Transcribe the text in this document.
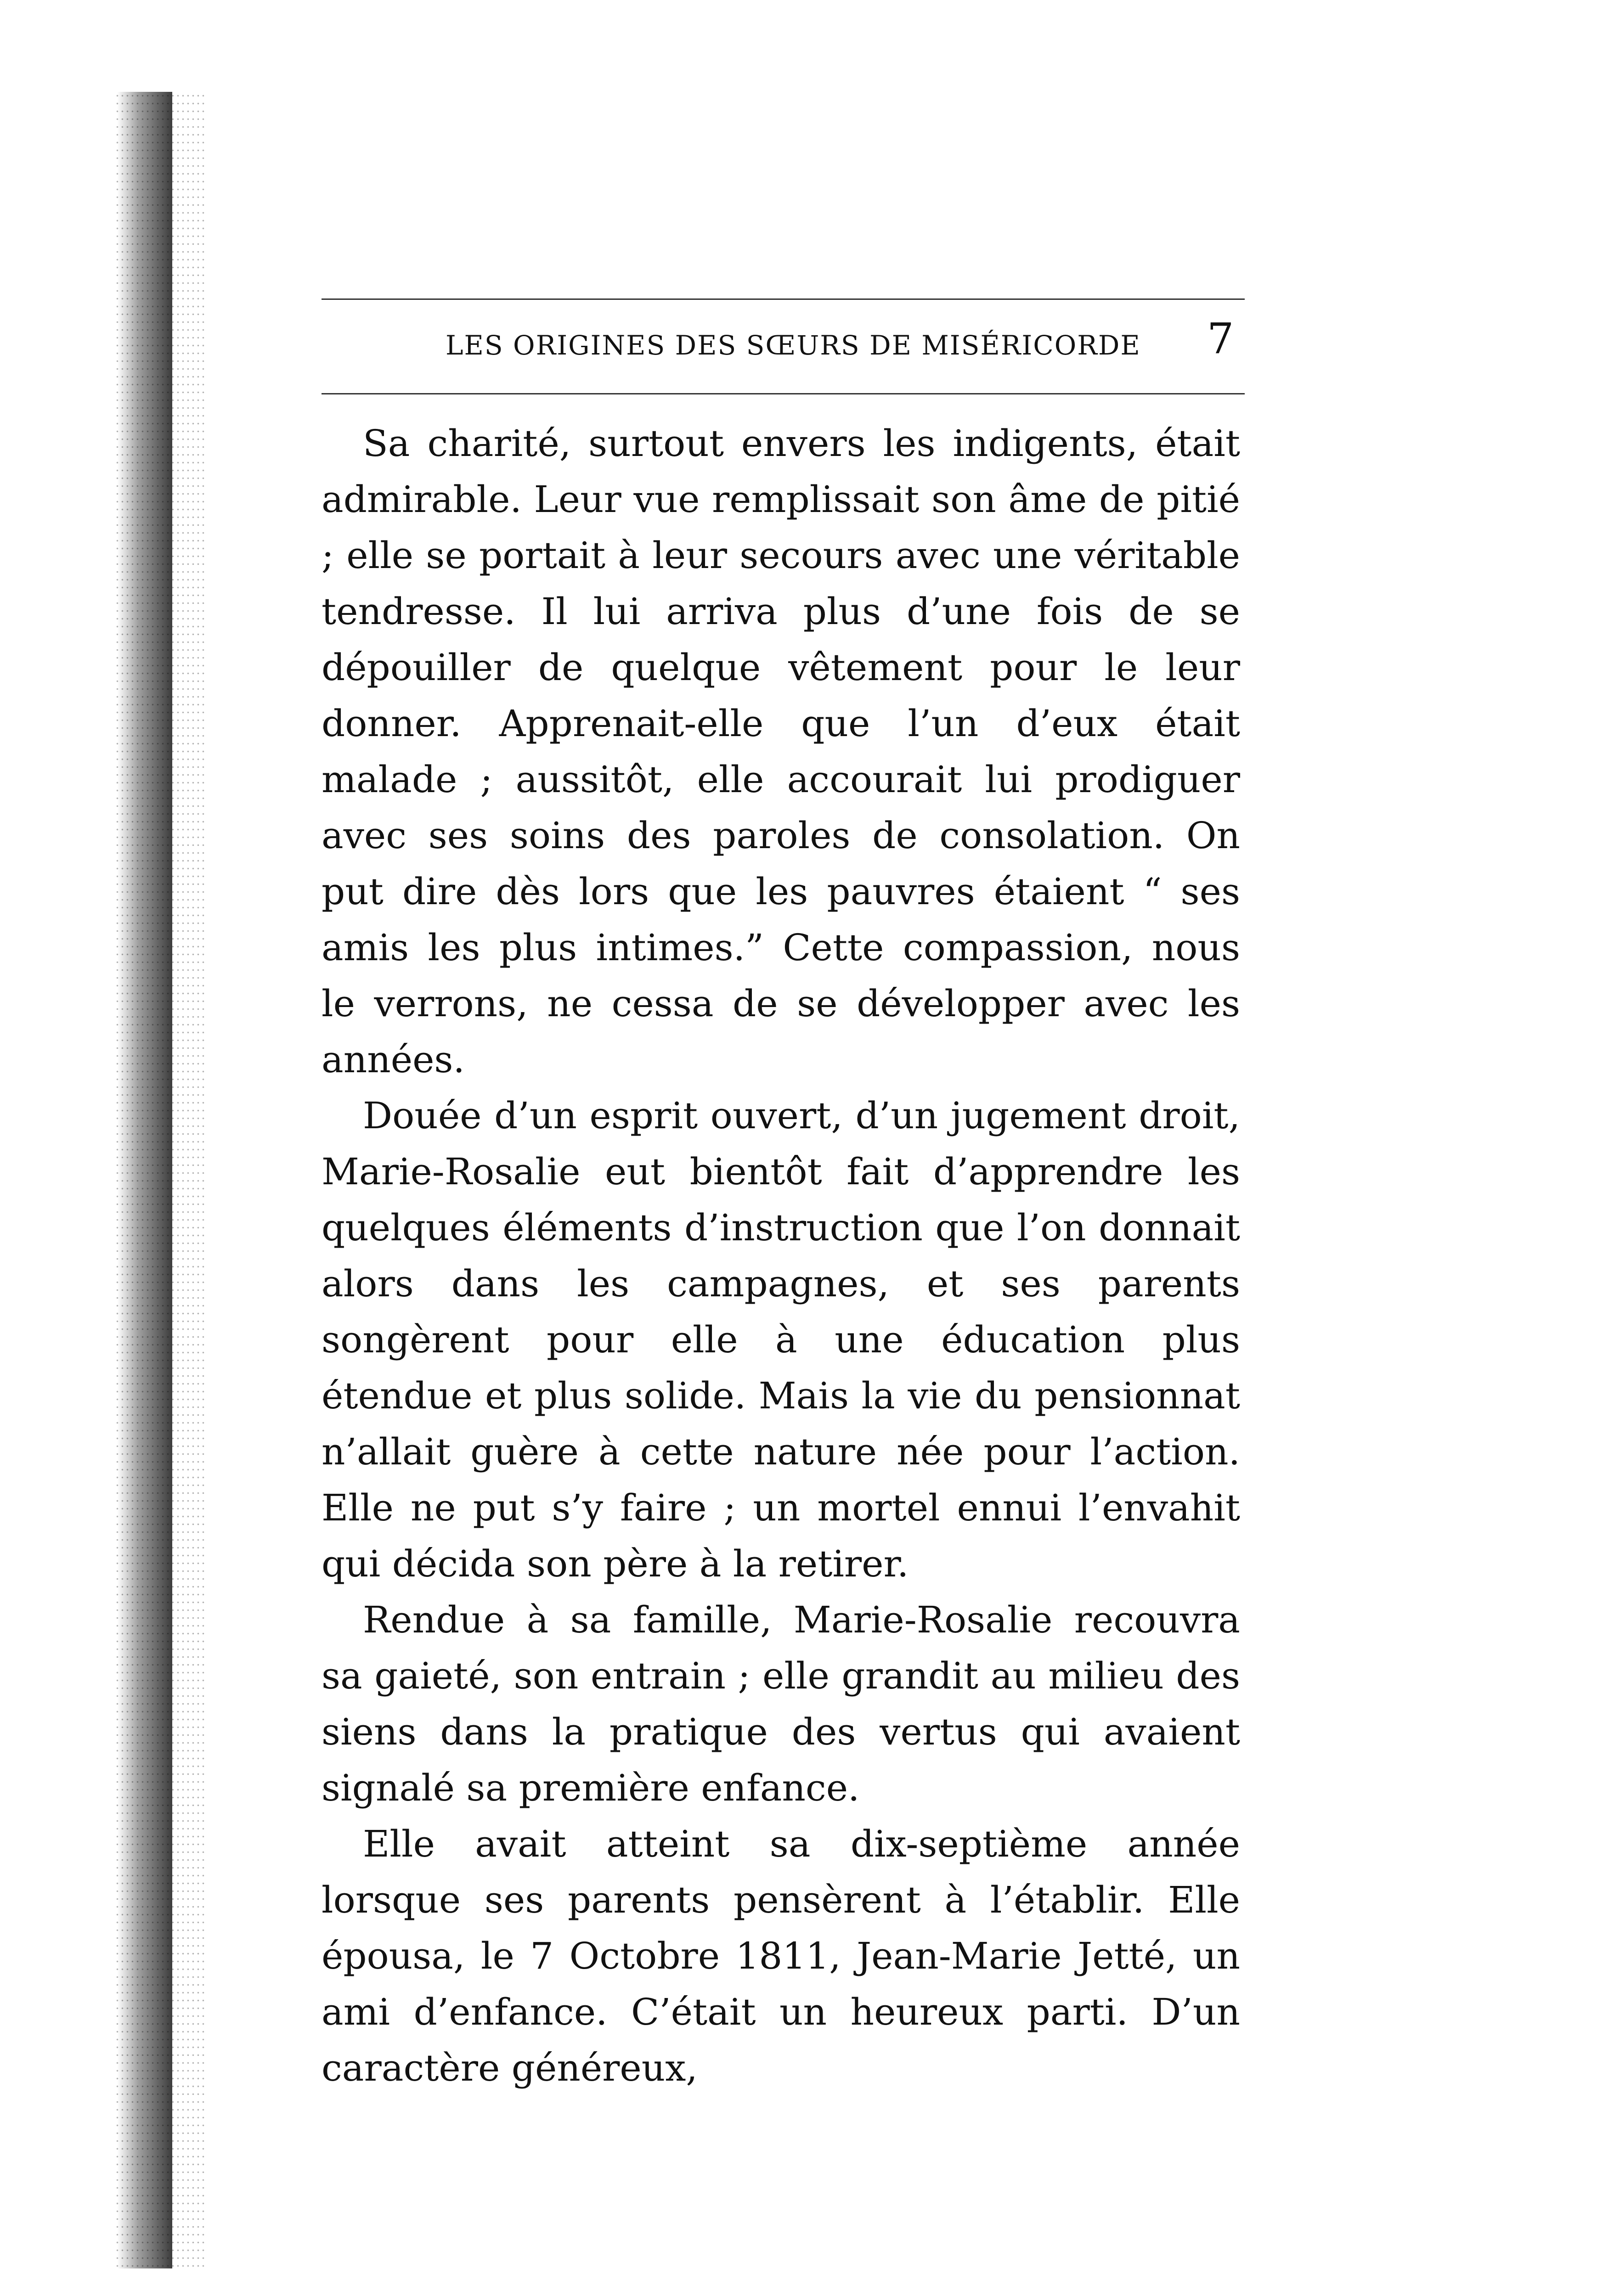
LES ORIGINES DES SŒURS DE MISÉRICORDE 7

Sa charité, surtout envers les indigents, était admirable. Leur vue remplissait son âme de pitié ; elle se portait à leur secours avec une véritable tendresse. Il lui arriva plus d’une fois de se dépouiller de quelque vêtement pour le leur donner. Apprenait-elle que l’un d’eux était malade ; aussitôt, elle accourait lui prodiguer avec ses soins des paroles de consolation. On put dire dès lors que les pauvres étaient “ ses amis les plus intimes.” Cette compassion, nous le verrons, ne cessa de se développer avec les années.

Douée d’un esprit ouvert, d’un jugement droit, Marie-Rosalie eut bientôt fait d’apprendre les quelques éléments d’instruction que l’on donnait alors dans les campagnes, et ses parents songèrent pour elle à une éducation plus étendue et plus solide. Mais la vie du pensionnat n’allait guère à cette nature née pour l’action. Elle ne put s’y faire ; un mortel ennui l’envahit qui décida son père à la retirer.

Rendue à sa famille, Marie-Rosalie recouvra sa gaieté, son entrain ; elle grandit au milieu des siens dans la pratique des vertus qui avaient signalé sa première enfance.

Elle avait atteint sa dix-septième année lorsque ses parents pensèrent à l’établir. Elle épousa, le 7 Octobre 1811, Jean-Marie Jetté, un ami d’enfance. C’était un heureux parti. D’un caractère généreux,
